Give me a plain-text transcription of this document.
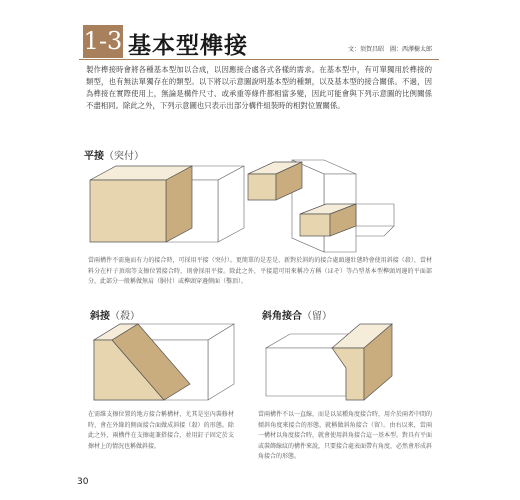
1-3 基本型榫接	文：須賀昌昭　圖：西澤樹太郎
製作榫接時會將各種基本型加以合成，以因應接合處各式各樣的需求。在基本型中，有可單獨用於榫接的類型，也有無法單獨存在的類型。以下將以示意圖說明基本型的種類，以及基本型的接合關係。不過，因為榫接在實際使用上，無論是構件尺寸、或承重等條件都相當多變，因此可能會與下列示意圖的比例關係不盡相同。除此之外，下列示意圖也只表示出部分構件組裝時的相對位置關係。
平接（突付）
當兩構件不需施而有力的接合時，可採用平接（突付）。更簡單的是差是，新對於斜約的接合處頭邊壯態時會使用斜接（殺），當材料分在杆子頂端等支擦位置接合時，則會採用平接。除此之外，平接還可用來稱冷方稱（ほぞ）等凸型基本型榫頭周邊的平面部分，此部分一般稱做無肩（胴付）或榫頭穿邊側面（鑿頂）。
斜接（殺）
在需維支擦位置的地方接合稱構材，尤其是室內裝修材時，會在外緣的側面接合面做成斜接（殺）的形態。除此之外，兩構件在支擦處兼搭接合，並用釘子固定於支擦材上的情況也稱做斜接。
斜角接合（留）
當兩構件不以一直線，而是以某種角度接合時，用介於兩者中間的傾斜角度來接合的形態，就稱做斜角接合（留）。由右以來，當兩一構材以角度接合時，就會使用斜角接合這一基本型。對具有平面或裝飾線紋的構件來說，只要接合處表面帶有角度，必然會形成斜角接合的形態。
30
